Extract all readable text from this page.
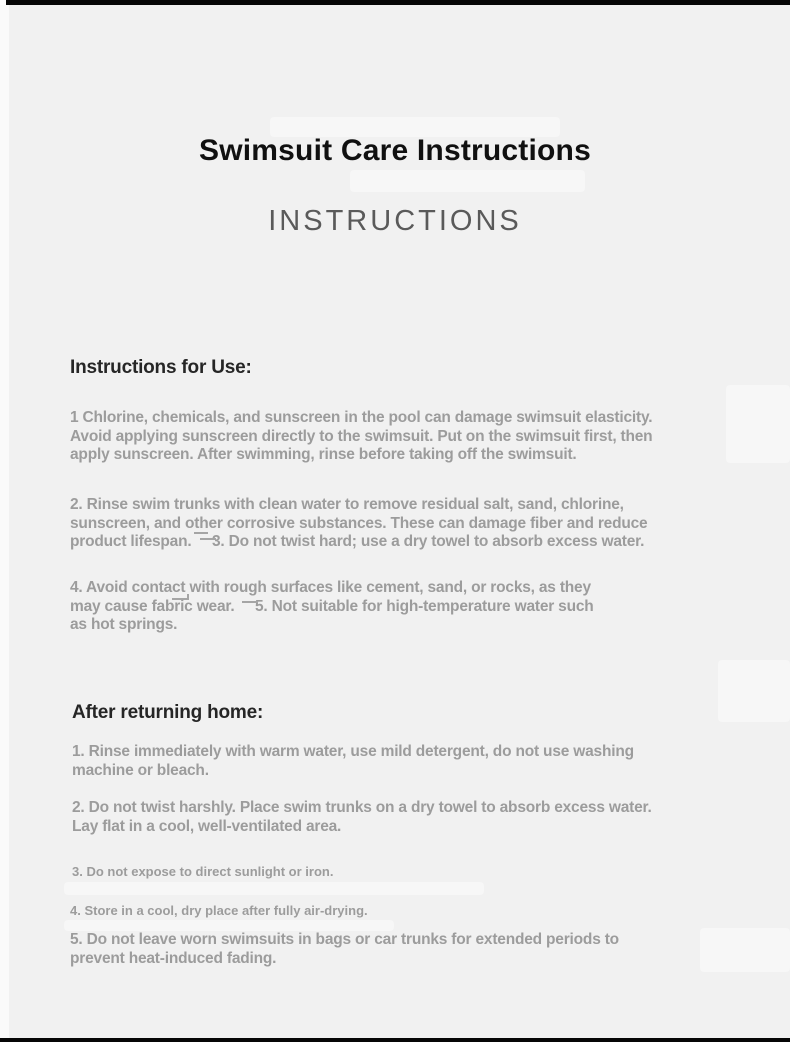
Swimsuit Care Instructions
INSTRUCTIONS
Instructions for Use:

1 Chlorine, chemicals, and sunscreen in the pool can damage swimsuit elasticity.
Avoid applying sunscreen directly to the swimsuit. Put on the swimsuit first, then
apply sunscreen. After swimming, rinse before taking off the swimsuit.

2. Rinse swim trunks with clean water to remove residual salt, sand, chlorine,
sunscreen, and other corrosive substances. These can damage fiber and reduce
product lifespan.     3. Do not twist hard; use a dry towel to absorb excess water.

4. Avoid contact with rough surfaces like cement, sand, or rocks, as they
may cause fabric wear.     5. Not suitable for high-temperature water such
as hot springs.

After returning home:

1. Rinse immediately with warm water, use mild detergent, do not use washing
machine or bleach.

2. Do not twist harshly. Place swim trunks on a dry towel to absorb excess water.
Lay flat in a cool, well-ventilated area.

3. Do not expose to direct sunlight or iron.

4. Store in a cool, dry place after fully air-drying.

5. Do not leave worn swimsuits in bags or car trunks for extended periods to
prevent heat-induced fading.
